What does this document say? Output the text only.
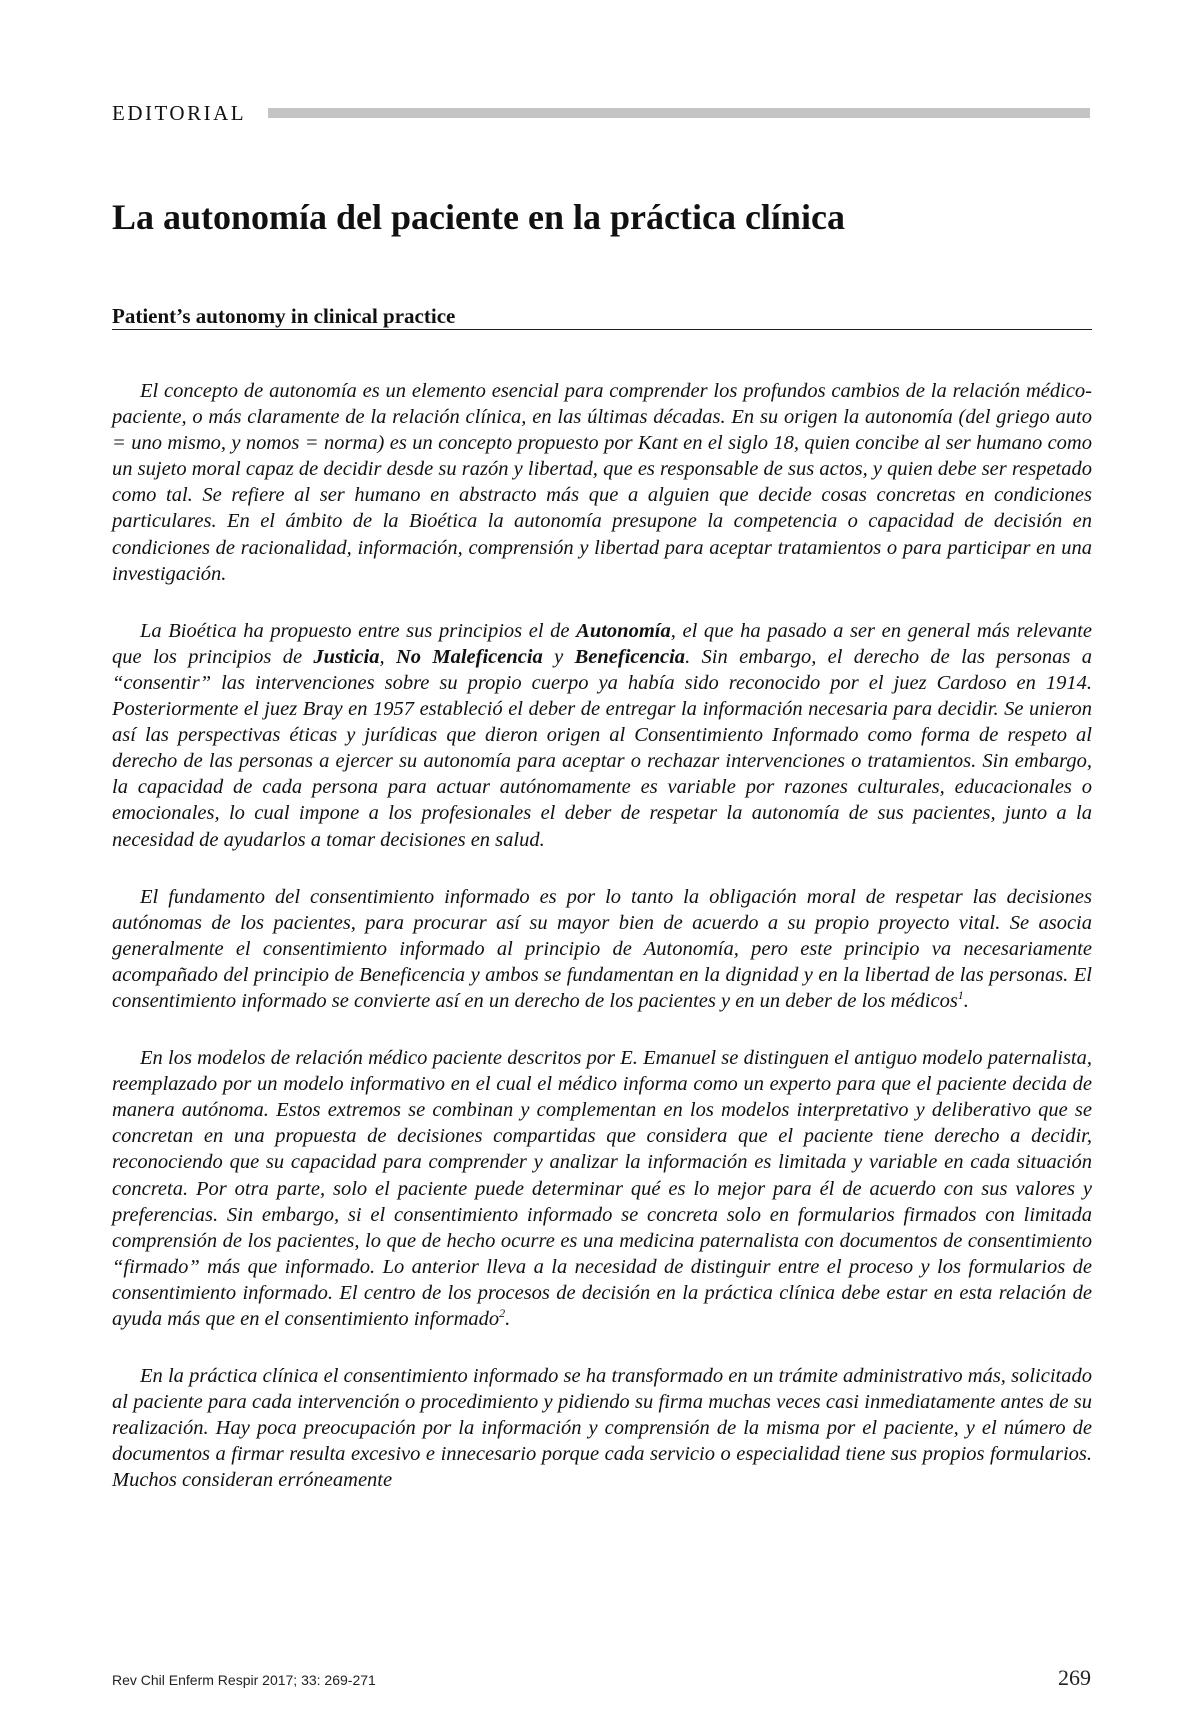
EDITORIAL
La autonomía del paciente en la práctica clínica
Patient’s autonomy in clinical practice

El concepto de autonomía es un elemento esencial para comprender los profundos cambios de la relación médico-paciente, o más claramente de la relación clínica, en las últimas décadas. En su origen la autonomía (del griego auto = uno mismo, y nomos = norma) es un concepto propuesto por Kant en el siglo 18, quien concibe al ser humano como un sujeto moral capaz de decidir desde su razón y libertad, que es responsable de sus actos, y quien debe ser respetado como tal. Se refiere al ser humano en abstracto más que a alguien que decide cosas concretas en condiciones particulares. En el ámbito de la Bioética la autonomía presupone la competencia o capacidad de decisión en condiciones de racionalidad, información, comprensión y libertad para aceptar tratamientos o para participar en una investigación.

La Bioética ha propuesto entre sus principios el de Autonomía, el que ha pasado a ser en general más relevante que los principios de Justicia, No Maleficencia y Beneficencia. Sin embargo, el derecho de las personas a “consentir” las intervenciones sobre su propio cuerpo ya había sido reconocido por el juez Cardoso en 1914. Posteriormente el juez Bray en 1957 estableció el deber de entregar la información necesaria para decidir. Se unieron así las perspectivas éticas y jurídicas que dieron origen al Consentimiento Informado como forma de respeto al derecho de las personas a ejercer su autonomía para aceptar o rechazar intervenciones o tratamientos. Sin embargo, la capacidad de cada persona para actuar autónomamente es variable por razones culturales, educacionales o emocionales, lo cual impone a los profesionales el deber de respetar la autonomía de sus pacientes, junto a la necesidad de ayudarlos a tomar decisiones en salud.

El fundamento del consentimiento informado es por lo tanto la obligación moral de respetar las decisiones autónomas de los pacientes, para procurar así su mayor bien de acuerdo a su propio proyecto vital. Se asocia generalmente el consentimiento informado al principio de Autonomía, pero este principio va necesariamente acompañado del principio de Beneficencia y ambos se fundamentan en la dignidad y en la libertad de las personas. El consentimiento informado se convierte así en un derecho de los pacientes y en un deber de los médicos$^1$.

En los modelos de relación médico paciente descritos por E. Emanuel se distinguen el antiguo modelo paternalista, reemplazado por un modelo informativo en el cual el médico informa como un experto para que el paciente decida de manera autónoma. Estos extremos se combinan y complementan en los modelos interpretativo y deliberativo que se concretan en una propuesta de decisiones compartidas que considera que el paciente tiene derecho a decidir, reconociendo que su capacidad para comprender y analizar la información es limitada y variable en cada situación concreta. Por otra parte, solo el paciente puede determinar qué es lo mejor para él de acuerdo con sus valores y preferencias. Sin embargo, si el consentimiento informado se concreta solo en formularios firmados con limitada comprensión de los pacientes, lo que de hecho ocurre es una medicina paternalista con documentos de consentimiento “firmado” más que informado. Lo anterior lleva a la necesidad de distinguir entre el proceso y los formularios de consentimiento informado. El centro de los procesos de decisión en la práctica clínica debe estar en esta relación de ayuda más que en el consentimiento informado$^2$.

En la práctica clínica el consentimiento informado se ha transformado en un trámite administrativo más, solicitado al paciente para cada intervención o procedimiento y pidiendo su firma muchas veces casi inmediatamente antes de su realización. Hay poca preocupación por la información y comprensión de la misma por el paciente, y el número de documentos a firmar resulta excesivo e innecesario porque cada servicio o especialidad tiene sus propios formularios. Muchos consideran erróneamente

Rev Chil Enferm Respir 2017; 33: 269-271	269
